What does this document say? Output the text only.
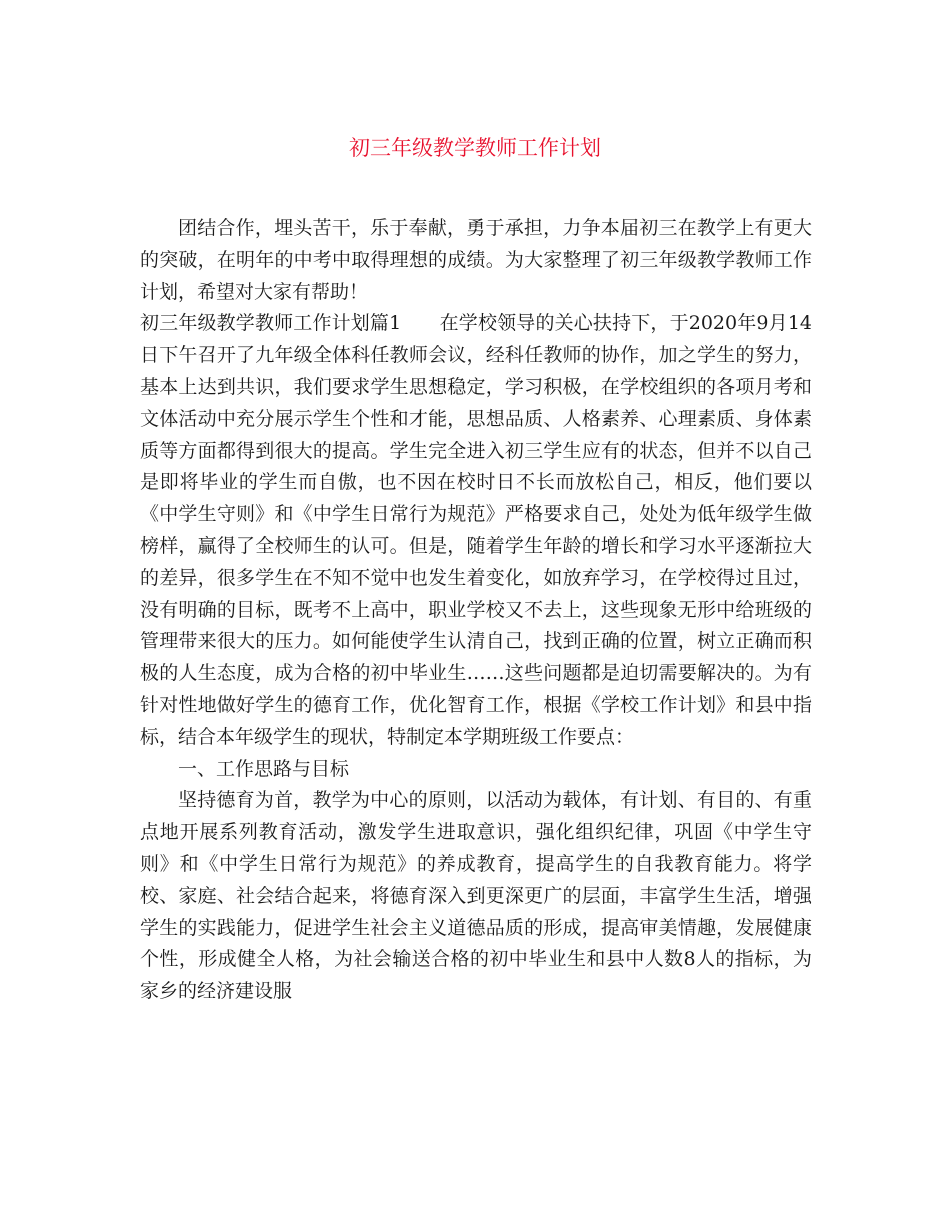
初三年级教学教师工作计划

团结合作，埋头苦干，乐于奉献，勇于承担，力争本届初三在教学上有更大的突破，在明年的中考中取得理想的成绩。为大家整理了初三年级教学教师工作计划，希望对大家有帮助！

初三年级教学教师工作计划篇1　　在学校领导的关心扶持下，于2020年9月14日下午召开了九年级全体科任教师会议，经科任教师的协作，加之学生的努力，基本上达到共识，我们要求学生思想稳定，学习积极，在学校组织的各项月考和文体活动中充分展示学生个性和才能，思想品质、人格素养、心理素质、身体素质等方面都得到很大的提高。学生完全进入初三学生应有的状态，但并不以自己是即将毕业的学生而自傲，也不因在校时日不长而放松自己，相反，他们要以《中学生守则》和《中学生日常行为规范》严格要求自己，处处为低年级学生做榜样，赢得了全校师生的认可。但是，随着学生年龄的增长和学习水平逐渐拉大的差异，很多学生在不知不觉中也发生着变化，如放弃学习，在学校得过且过，没有明确的目标，既考不上高中，职业学校又不去上，这些现象无形中给班级的管理带来很大的压力。如何能使学生认清自己，找到正确的位置，树立正确而积极的人生态度，成为合格的初中毕业生……这些问题都是迫切需要解决的。为有针对性地做好学生的德育工作，优化智育工作，根据《学校工作计划》和县中指标，结合本年级学生的现状，特制定本学期班级工作要点：

一、工作思路与目标

坚持德育为首，教学为中心的原则，以活动为载体，有计划、有目的、有重点地开展系列教育活动，激发学生进取意识，强化组织纪律，巩固《中学生守则》和《中学生日常行为规范》的养成教育，提高学生的自我教育能力。将学校、家庭、社会结合起来，将德育深入到更深更广的层面，丰富学生生活，增强学生的实践能力，促进学生社会主义道德品质的形成，提高审美情趣，发展健康个性，形成健全人格，为社会输送合格的初中毕业生和县中人数8人的指标，为家乡的经济建设服
